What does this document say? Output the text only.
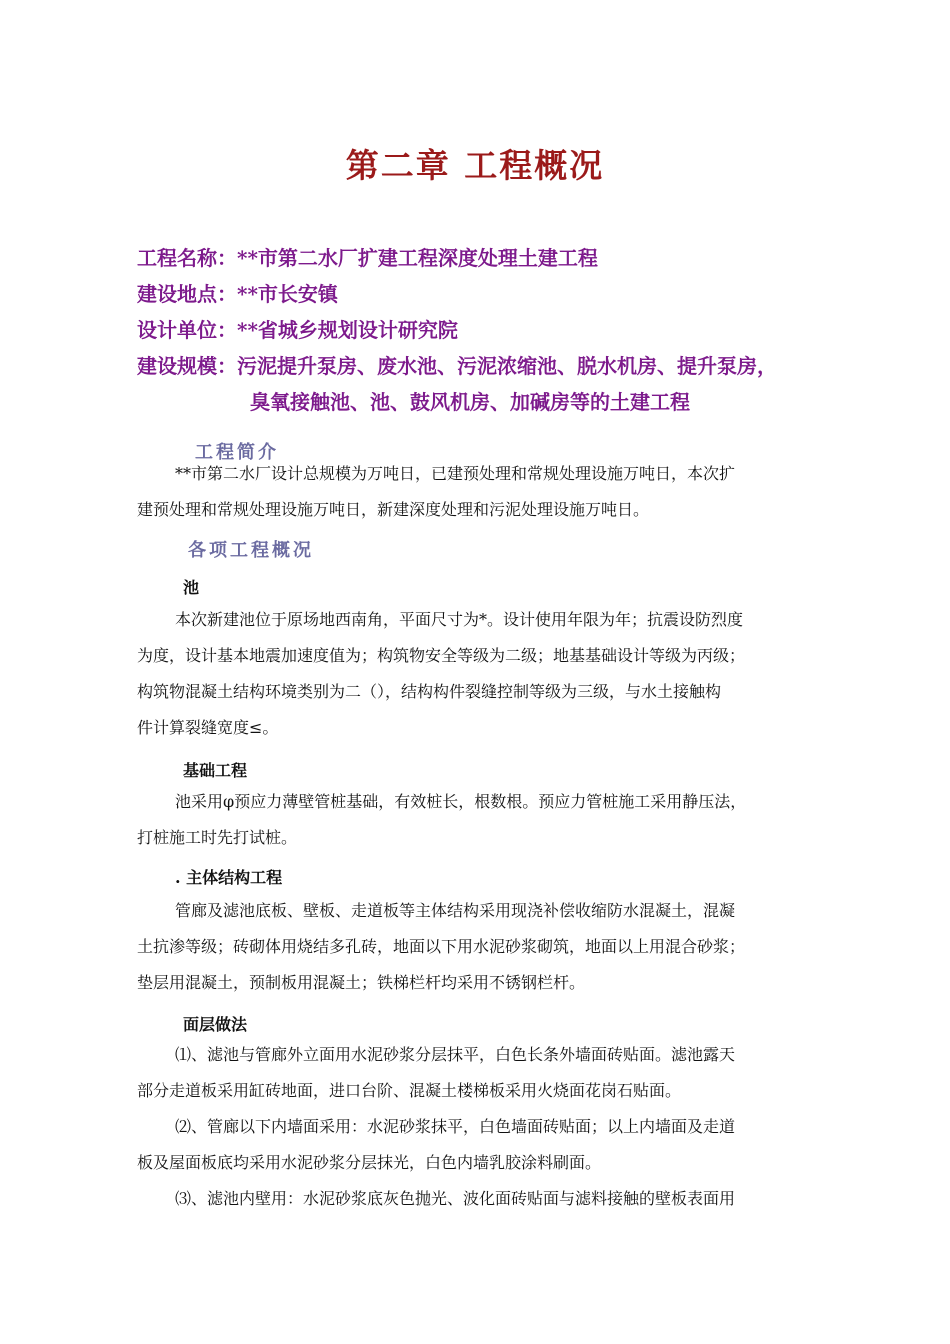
第二章 工程概况
工程名称： **市第二水厂扩建工程深度处理土建工程
建设地点： **市长安镇
设计单位： **省城乡规划设计研究院
建设规模： 污泥提升泵房、废水池、污泥浓缩池、脱水机房、提升泵房，
臭氧接触池、池、鼓风机房、加碱房等的土建工程
工程简介
**市第二水厂设计总规模为万吨日，已建预处理和常规处理设施万吨日，本次扩
建预处理和常规处理设施万吨日，新建深度处理和污泥处理设施万吨日。
各项工程概况
池
本次新建池位于原场地西南角，平面尺寸为*。设计使用年限为年；抗震设防烈度
为度，设计基本地震加速度值为；构筑物安全等级为二级；地基基础设计等级为丙级；
构筑物混凝土结构环境类别为二（），结构构件裂缝控制等级为三级，与水土接触构
件计算裂缝宽度≤。
基础工程
池采用φ预应力薄壁管桩基础，有效桩长，根数根。预应力管桩施工采用静压法，
打桩施工时先打试桩。
. 主体结构工程
管廊及滤池底板、壁板、走道板等主体结构采用现浇补偿收缩防水混凝土，混凝
土抗渗等级；砖砌体用烧结多孔砖，地面以下用水泥砂浆砌筑，地面以上用混合砂浆；
垫层用混凝土，预制板用混凝土；铁梯栏杆均采用不锈钢栏杆。
面层做法
⑴、滤池与管廊外立面用水泥砂浆分层抹平，白色长条外墙面砖贴面。滤池露天
部分走道板采用缸砖地面，进口台阶、混凝土楼梯板采用火烧面花岗石贴面。
⑵、管廊以下内墙面采用：水泥砂浆抹平，白色墙面砖贴面；以上内墙面及走道
板及屋面板底均采用水泥砂浆分层抹光，白色内墙乳胶涂料刷面。
⑶、滤池内壁用：水泥砂浆底灰色抛光、波化面砖贴面与滤料接触的壁板表面用
